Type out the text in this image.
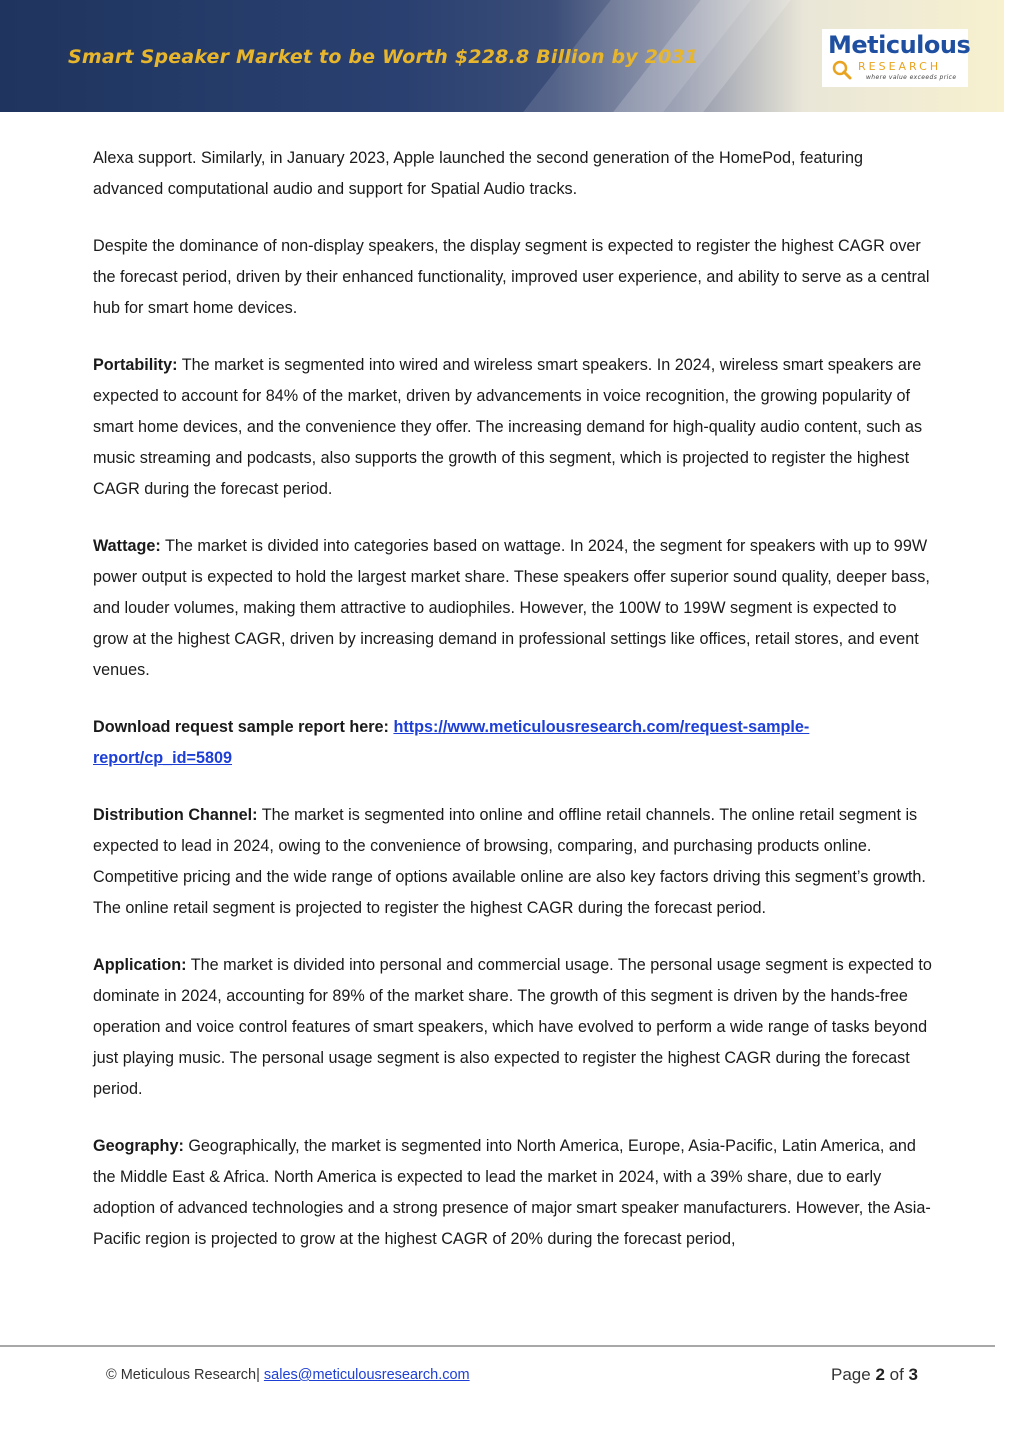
Smart Speaker Market to be Worth $228.8 Billion by 2031	Meticulous
RESEARCH
where value exceeds price

Alexa support. Similarly, in January 2023, Apple launched the second generation of the HomePod, featuring advanced computational audio and support for Spatial Audio tracks.

Despite the dominance of non-display speakers, the display segment is expected to register the highest CAGR over the forecast period, driven by their enhanced functionality, improved user experience, and ability to serve as a central hub for smart home devices.

Portability: The market is segmented into wired and wireless smart speakers. In 2024, wireless smart speakers are expected to account for 84% of the market, driven by advancements in voice recognition, the growing popularity of smart home devices, and the convenience they offer. The increasing demand for high-quality audio content, such as music streaming and podcasts, also supports the growth of this segment, which is projected to register the highest CAGR during the forecast period.

Wattage: The market is divided into categories based on wattage. In 2024, the segment for speakers with up to 99W power output is expected to hold the largest market share. These speakers offer superior sound quality, deeper bass, and louder volumes, making them attractive to audiophiles. However, the 100W to 199W segment is expected to grow at the highest CAGR, driven by increasing demand in professional settings like offices, retail stores, and event venues.

Download request sample report here: https://www.meticulousresearch.com/request-sample-report/cp_id=5809

Distribution Channel: The market is segmented into online and offline retail channels. The online retail segment is expected to lead in 2024, owing to the convenience of browsing, comparing, and purchasing products online. Competitive pricing and the wide range of options available online are also key factors driving this segment’s growth. The online retail segment is projected to register the highest CAGR during the forecast period.

Application: The market is divided into personal and commercial usage. The personal usage segment is expected to dominate in 2024, accounting for 89% of the market share. The growth of this segment is driven by the hands-free operation and voice control features of smart speakers, which have evolved to perform a wide range of tasks beyond just playing music. The personal usage segment is also expected to register the highest CAGR during the forecast period.

Geography: Geographically, the market is segmented into North America, Europe, Asia-Pacific, Latin America, and the Middle East & Africa. North America is expected to lead the market in 2024, with a 39% share, due to early adoption of advanced technologies and a strong presence of major smart speaker manufacturers. However, the Asia-Pacific region is projected to grow at the highest CAGR of 20% during the forecast period,

© Meticulous Research| sales@meticulousresearch.com	Page 2 of 3
